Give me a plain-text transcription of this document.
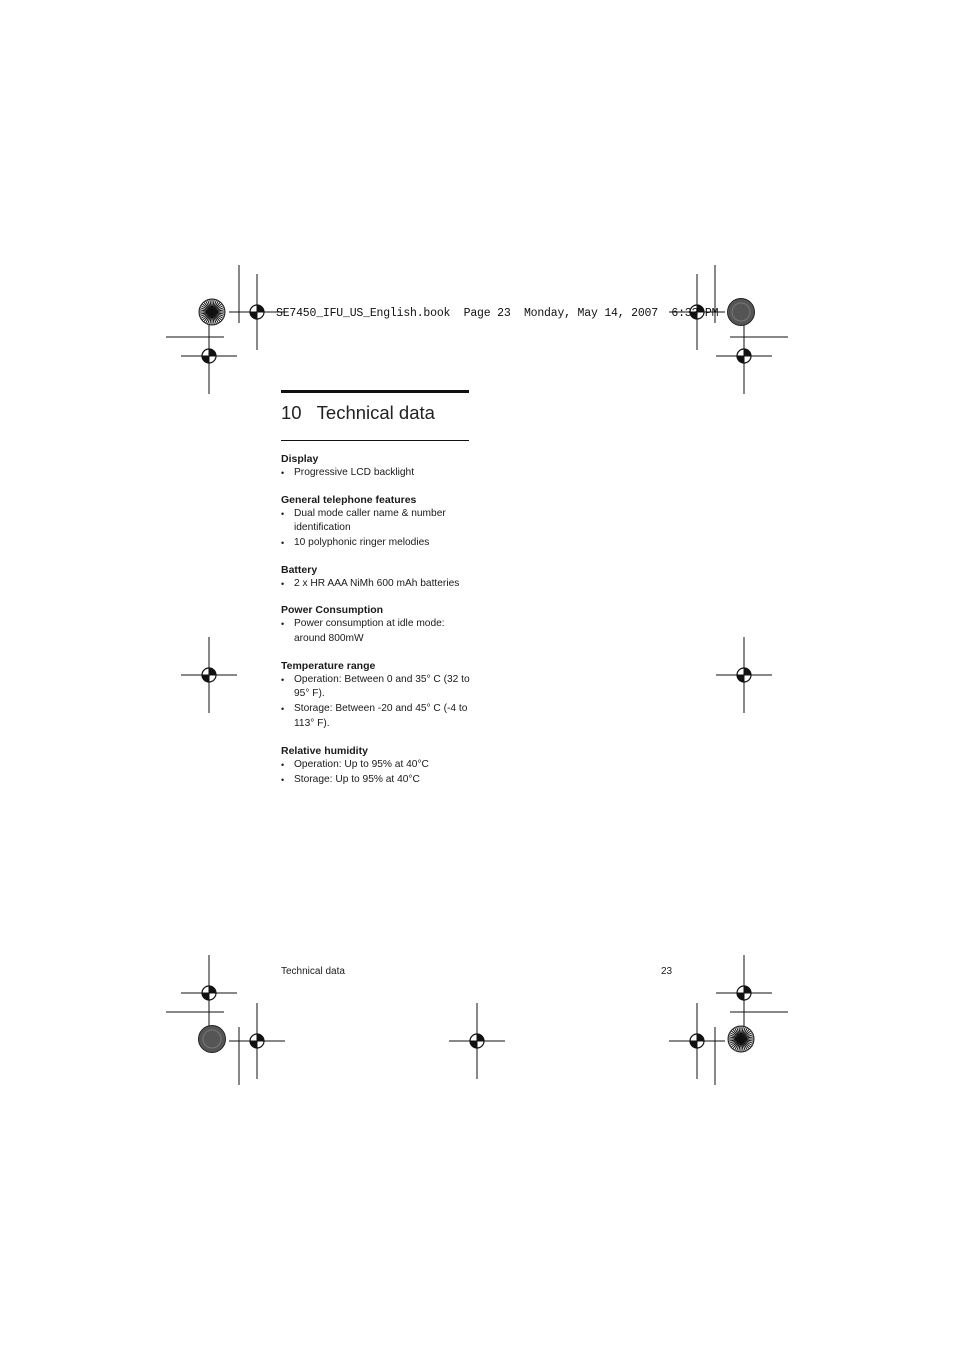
SE7450_IFU_US_English.book  Page 23  Monday, May 14, 2007  6:33 PM
10 Technical data

Display

• Progressive LCD backlight

General telephone features

• Dual mode caller name & number identification
• 10 polyphonic ringer melodies

Battery

• 2 x HR AAA NiMh 600 mAh batteries

Power Consumption

• Power consumption at idle mode: around 800mW

Temperature range

• Operation: Between 0 and 35° C (32 to 95° F).
• Storage: Between -20 and 45° C (-4 to 113° F).

Relative humidity

• Operation: Up to 95% at 40°C
• Storage: Up to 95% at 40°C
Technical data	23
